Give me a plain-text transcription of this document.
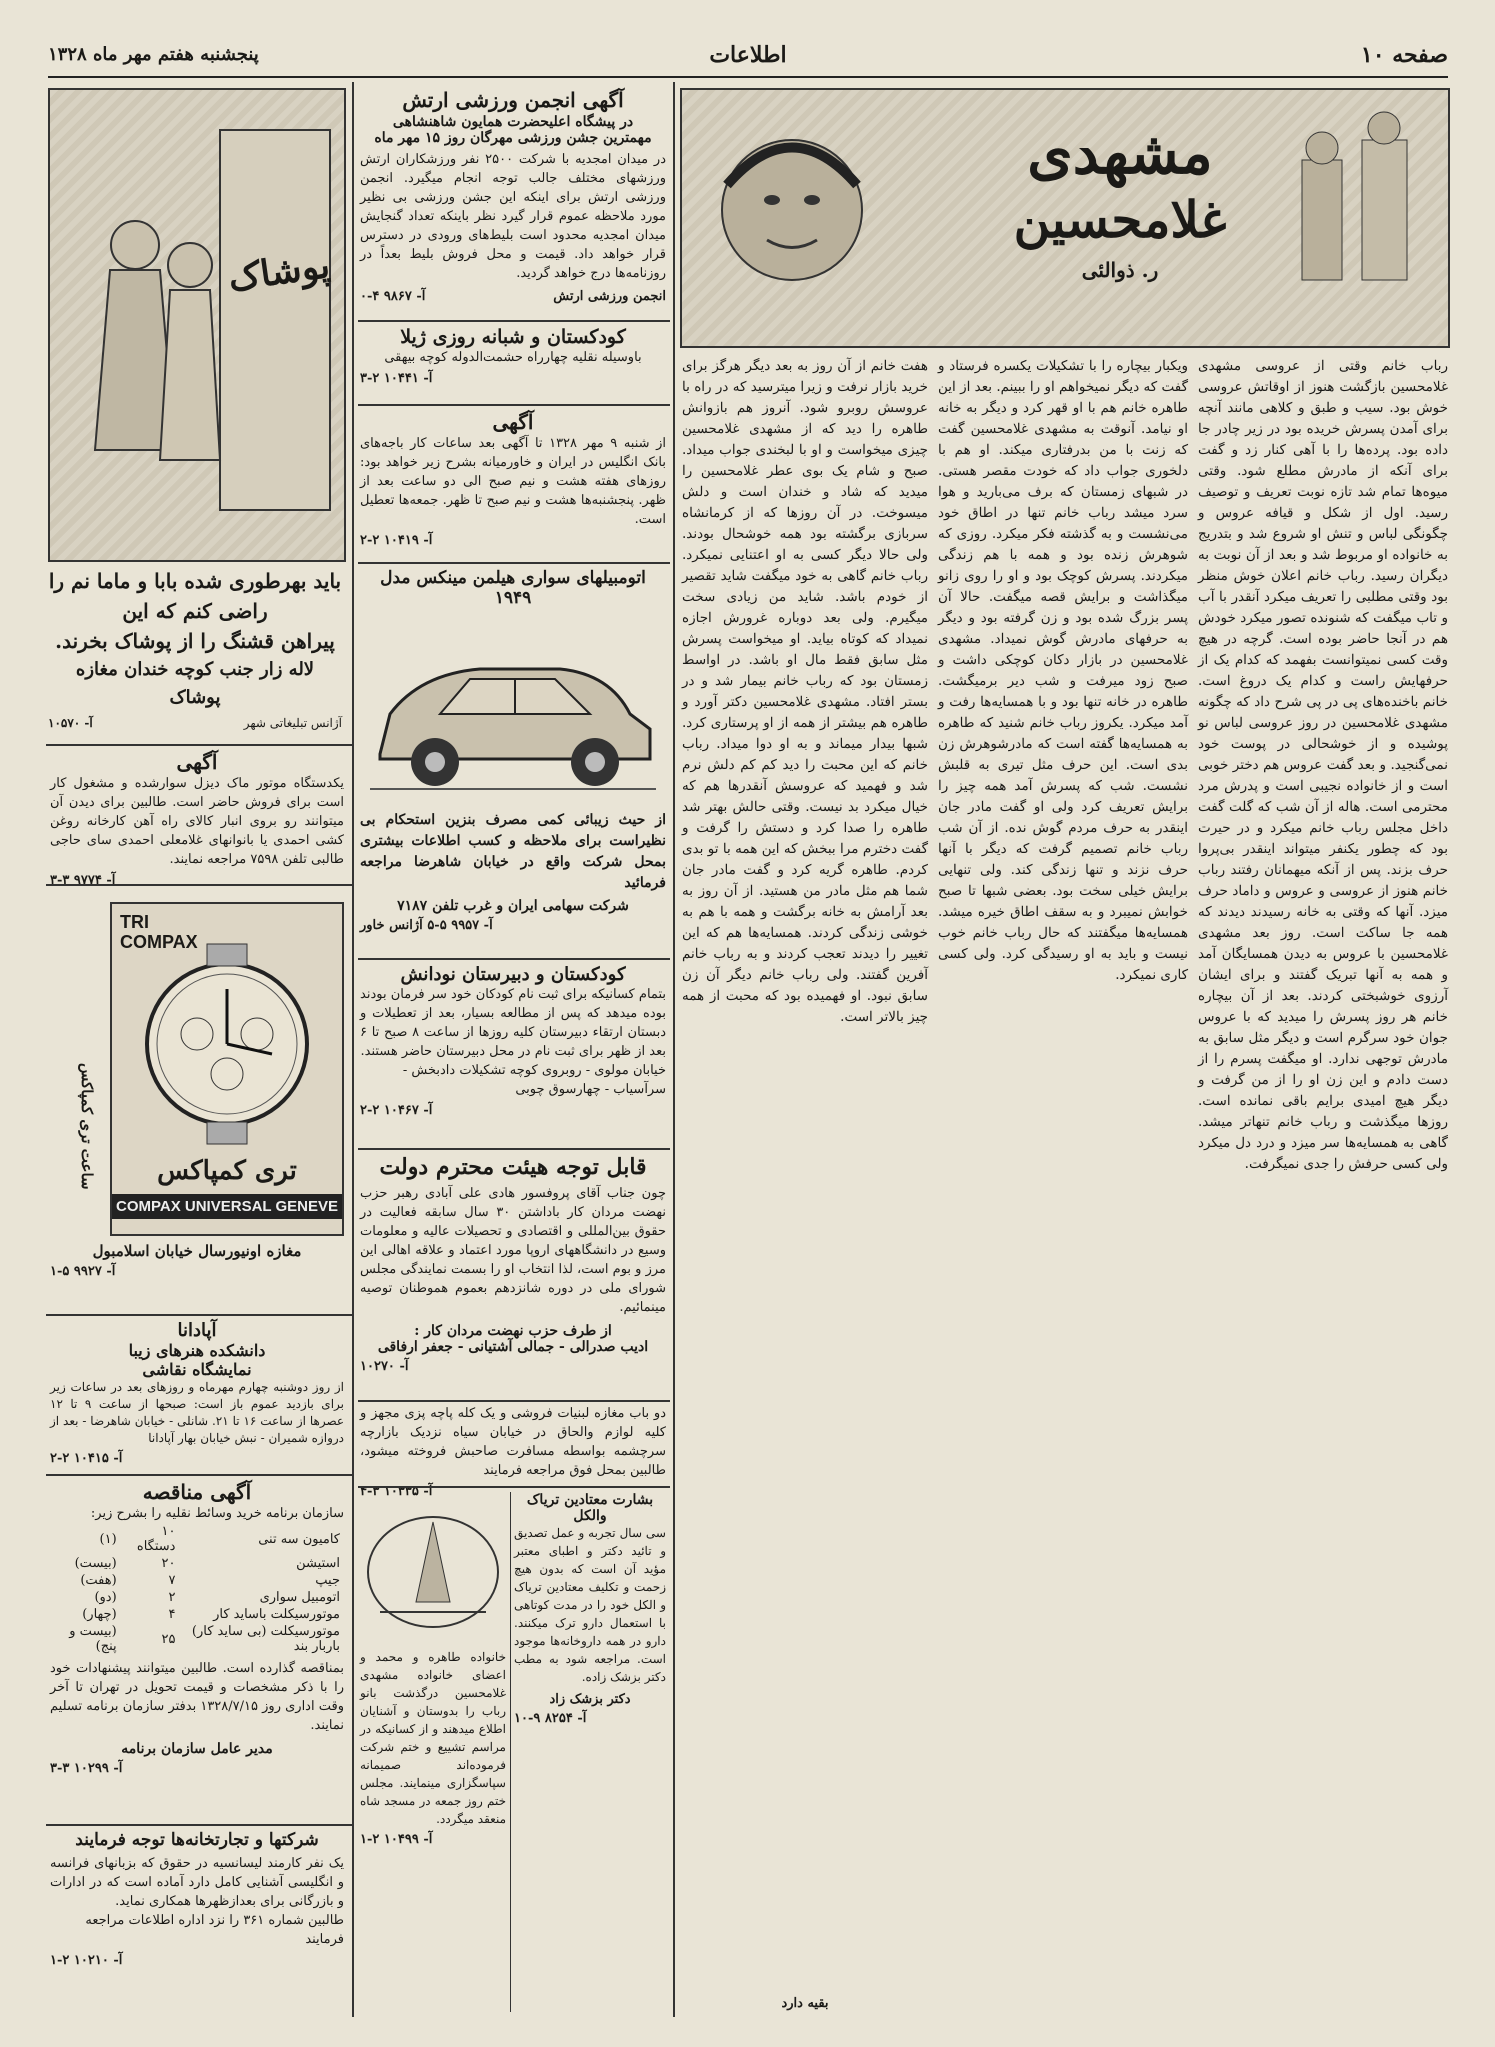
صفحه ۱۰
اطلاعات
پنجشنبه هفتم مهر ماه ۱۳۲۸
مشهدی
غلامحسین
ر. ذوالئی
رباب خانم وقتی از عروسی مشهدی غلامحسین بازگشت هنوز از اوقاتش عروسی خوش بود. سیب و طبق و کلاهی مانند آنچه برای آمدن پسرش خریده بود در زیر چادر جا داده بود. پرده‌ها را با آهی کنار زد و گفت برای آنکه از مادرش مطلع شود. وقتی میوه‌ها تمام شد تازه نوبت تعریف و توصیف رسید. اول از شکل و قیافه عروس و چگونگی لباس و تنش او شروع شد و بتدریج به خانواده او مربوط شد و بعد از آن نوبت به دیگران رسید. رباب خانم اعلان خوش منظر بود وقتی مطلبی را تعریف میکرد آنقدر با آب و تاب میگفت که شنونده تصور میکرد خودش هم در آنجا حاضر بوده است. گرچه در هیچ وقت کسی نمیتوانست بفهمد که کدام یک از حرفهایش راست و کدام یک دروغ است. خانم باخنده‌های پی در پی شرح داد که چگونه مشهدی غلامحسین در روز عروسی لباس نو پوشیده و از خوشحالی در پوست خود نمی‌گنجید. و بعد گفت عروس هم دختر خوبی است و از خانواده نجیبی است و پدرش مرد محترمی است. هاله از آن شب که گلت گفت داخل مجلس رباب خانم میکرد و در حیرت بود که چطور یکنفر میتواند اینقدر بی‌پروا حرف بزند. پس از آنکه میهمانان رفتند رباب خانم هنوز از عروسی و عروس و داماد حرف میزد. آنها که وقتی به خانه رسیدند دیدند که همه جا ساکت است. روز بعد مشهدی غلامحسین با عروس به دیدن همسایگان آمد و همه به آنها تبریک گفتند و برای ایشان آرزوی خوشبختی کردند. بعد از آن بیچاره خانم هر روز پسرش را میدید که با عروس جوان خود سرگرم است و دیگر مثل سابق به مادرش توجهی ندارد. او میگفت پسرم را از دست دادم و این زن او را از من گرفت و دیگر هیچ امیدی برایم باقی نمانده است. روزها میگذشت و رباب خانم تنهاتر میشد. گاهی به همسایه‌ها سر میزد و درد دل میکرد ولی کسی حرفش را جدی نمیگرفت.
ویکبار بیچاره را با تشکیلات یکسره فرستاد و گفت که دیگر نمیخواهم او را ببینم. بعد از این طاهره خانم هم با او قهر کرد و دیگر به خانه او نیامد. آنوقت به مشهدی غلامحسین گفت که زنت با من بدرفتاری میکند. او هم با دلخوری جواب داد که خودت مقصر هستی. در شبهای زمستان که برف می‌بارید و هوا سرد میشد رباب خانم تنها در اطاق خود می‌نشست و به گذشته فکر میکرد. روزی که شوهرش زنده بود و همه با هم زندگی میکردند. پسرش کوچک بود و او را روی زانو میگذاشت و برایش قصه میگفت. حالا آن پسر بزرگ شده بود و زن گرفته بود و دیگر به حرفهای مادرش گوش نمیداد. مشهدی غلامحسین در بازار دکان کوچکی داشت و صبح زود میرفت و شب دیر برمیگشت. طاهره در خانه تنها بود و با همسایه‌ها رفت و آمد میکرد. یکروز رباب خانم شنید که طاهره به همسایه‌ها گفته است که مادرشوهرش زن بدی است. این حرف مثل تیری به قلبش نشست. شب که پسرش آمد همه چیز را برایش تعریف کرد ولی او گفت مادر جان اینقدر به حرف مردم گوش نده. از آن شب رباب خانم تصمیم گرفت که دیگر با آنها حرف نزند و تنها زندگی کند. ولی تنهایی برایش خیلی سخت بود. بعضی شبها تا صبح خوابش نمیبرد و به سقف اطاق خیره میشد. همسایه‌ها میگفتند که حال رباب خانم خوب نیست و باید به او رسیدگی کرد. ولی کسی کاری نمیکرد.
هفت خانم از آن روز به بعد دیگر هرگز برای خرید بازار نرفت و زیرا میترسید که در راه با عروسش روبرو شود. آنروز هم بازوانش طاهره را دید که از مشهدی غلامحسین چیزی میخواست و او با لبخندی جواب میداد. صبح و شام یک بوی عطر غلامحسین را میدید که شاد و خندان است و دلش میسوخت. در آن روزها که از کرمانشاه سربازی برگشته بود همه خوشحال بودند. ولی حالا دیگر کسی به او اعتنایی نمیکرد. رباب خانم گاهی به خود میگفت شاید تقصیر از خودم باشد. شاید من زیادی سخت میگیرم. ولی بعد دوباره غرورش اجازه نمیداد که کوتاه بیاید. او میخواست پسرش مثل سابق فقط مال او باشد. در اواسط زمستان بود که رباب خانم بیمار شد و در بستر افتاد. مشهدی غلامحسین دکتر آورد و طاهره هم بیشتر از همه از او پرستاری کرد. شبها بیدار میماند و به او دوا میداد. رباب خانم که این محبت را دید کم کم دلش نرم شد و فهمید که عروسش آنقدرها هم که خیال میکرد بد نیست. وقتی حالش بهتر شد طاهره را صدا کرد و دستش را گرفت و گفت دخترم مرا ببخش که این همه با تو بدی کردم. طاهره گریه کرد و گفت مادر جان شما هم مثل مادر من هستید. از آن روز به بعد آرامش به خانه برگشت و همه با هم به خوشی زندگی کردند. همسایه‌ها هم که این تغییر را دیدند تعجب کردند و به رباب خانم آفرین گفتند. ولی رباب خانم دیگر آن زن سابق نبود. او فهمیده بود که محبت از همه چیز بالاتر است.
بقیه دارد
آگهی انجمن ورزشی ارتش
در پیشگاه اعلیحضرت همایون شاهنشاهی
مهمترین جشن ورزشی مهرگان روز ۱۵ مهر ماه
در میدان امجدیه با شرکت ۲۵۰۰ نفر ورزشکاران ارتش ورزشهای مختلف جالب توجه انجام میگیرد. انجمن ورزشی ارتش برای اینکه این جشن ورزشی بی نظیر مورد ملاحظه عموم قرار گیرد نظر باینکه تعداد گنجایش میدان امجدیه محدود است بلیط‌های ورودی در دسترس قرار خواهد داد. قیمت و محل فروش بلیط بعداً در روزنامه‌ها درج خواهد گردید.
انجمن ورزشی ارتش
آ- ۹۸۶۷ ۴-۰
کودکستان و شبانه روزی ژیلا
باوسیله نقلیه چهارراه حشمت‌الدوله کوچه بیهقی
آ- ۱۰۴۴۱ ۲-۳
آگهی
از شنبه ۹ مهر ۱۳۲۸ تا آگهی بعد ساعات کار باجه‌های بانک انگلیس در ایران و خاورمیانه بشرح زیر خواهد بود: روزهای هفته هشت و نیم صبح الی دو ساعت بعد از ظهر. پنجشنبه‌ها هشت و نیم صبح تا ظهر. جمعه‌ها تعطیل است.
آ- ۱۰۴۱۹ ۲-۲
اتومبیلهای سواری هیلمن مینکس مدل ۱۹۴۹
از حیث زیبائی کمی مصرف بنزین استحکام بی نظیراست برای ملاحظه و کسب اطلاعات بیشتری بمحل شرکت واقع در خیابان شاهرضا مراجعه فرمائید
شرکت سهامی ایران و غرب تلفن ۷۱۸۷
آ- ۹۹۵۷ ۵-۵ آژانس خاور
کودکستان و دبیرستان نودانش
بتمام کسانیکه برای ثبت نام کودکان خود سر فرمان بودند بوده میدهد که پس از مطالعه بسیار، بعد از تعطیلات و دبستان ارتقاء دبیرستان کلیه روزها از ساعت ۸ صبح تا ۶ بعد از ظهر برای ثبت نام در محل دبیرستان حاضر هستند.
خیابان مولوی - روبروی کوچه تشکیلات دادبخش - سرآسیاب - چهارسوق چوبی
آ- ۱۰۴۶۷ ۲-۲
قابل توجه هیئت محترم دولت
چون جناب آقای پروفسور هادی علی آبادی رهبر حزب نهضت مردان کار باداشتن ۳۰ سال سابقه فعالیت در حقوق بین‌المللی و اقتصادی و تحصیلات عالیه و معلومات وسیع در دانشگاههای اروپا مورد اعتماد و علاقه اهالی این مرز و بوم است، لذا انتخاب او را بسمت نمایندگی مجلس شورای ملی در دوره شانزدهم بعموم هموطنان توصیه مینمائیم.
از طرف حزب نهضت مردان کار :
ادیب صدرالی - جمالی آشتیانی - جعفر ارفاقی
آ- ۱۰۲۷۰
دو باب مغازه لبنیات فروشی و یک کله پاچه پزی مجهز و کلیه لوازم والحاق در خیابان سیاه نزدیک بازارچه سرچشمه بواسطه مسافرت صاحبش فروخته میشود، طالبین بمحل فوق مراجعه فرمایند
آ- ۱۰۳۳۵ ۳-۴
بشارت معتادین تریاک والکل
سی سال تجربه و عمل تصدیق و تائید دکتر و اطبای معتبر مؤید آن است که بدون هیچ زحمت و تکلیف معتادین تریاک و الکل خود را در مدت کوتاهی با استعمال دارو ترک میکنند. دارو در همه داروخانه‌ها موجود است. مراجعه شود به مطب دکتر بزشک زاده.
دکتر بزشک زاد
آ- ۸۲۵۴ ۹-۱۰
خانواده طاهره و محمد و اعضای خانواده مشهدی غلامحسین درگذشت بانو رباب را بدوستان و آشنایان اطلاع میدهند و از کسانیکه در مراسم تشییع و ختم شرکت فرموده‌اند صمیمانه سپاسگزاری مینمایند. مجلس ختم روز جمعه در مسجد شاه منعقد میگردد.
آ- ۱۰۴۹۹ ۲-۱
پوشاک
باید بهرطوری شده بابا و ماما نم را راضی کنم که این
پیراهن قشنگ را از پوشاک بخرند.
لاله زار جنب کوچه خندان مغازه پوشاک
آژانس تبلیغاتی شهر
آ- ۱۰۵۷۰
آگهی
یکدستگاه موتور ماک دیزل سوارشده و مشغول کار است برای فروش حاضر است. طالبین برای دیدن آن میتوانند رو بروی انبار کالای راه آهن کارخانه روغن کشی احمدی یا بانوانهای غلامعلی احمدی سای حاجی طالبی تلفن ۷۵۹۸ مراجعه نمایند.
آ- ۹۷۷۴ ۳-۳
TRI COMPAX
تری کمپاکس
COMPAX UNIVERSAL GENEVE
ساعت تری کمپاکس
مغازه اونیورسال خیابان اسلامبول
آ- ۹۹۲۷ ۵-۱
آپادانا
دانشکده هنرهای زیبا
نمایشگاه نقاشی
از روز دوشنبه چهارم مهرماه و روزهای بعد در ساعات زیر برای بازدید عموم باز است: صبحها از ساعت ۹ تا ۱۲ عصرها از ساعت ۱۶ تا ۲۱. شانلی - خیابان شاهرضا - بعد از دروازه شمیران - نبش خیابان بهار آپادانا
آ- ۱۰۴۱۵ ۲-۲
آگهی مناقصه
سازمان برنامه خرید وسائط نقلیه را بشرح زیر:
کامیون سه تنی	۱۰ دستگاه	(۱)
استیشن	۲۰	(بیست)
جیپ	۷	(هفت)
اتومبیل سواری	۲	(دو)
موتورسیکلت باساید کار	۴	(چهار)
موتورسیکلت (بی ساید کار) باربار بند	۲۵	(بیست و پنج)
بمناقصه گذارده است. طالبین میتوانند پیشنهادات خود را با ذکر مشخصات و قیمت تحویل در تهران تا آخر وقت اداری روز ۱۳۲۸/۷/۱۵ بدفتر سازمان برنامه تسلیم نمایند.
مدیر عامل سازمان برنامه
آ- ۱۰۲۹۹ ۳-۳
شرکتها و تجارتخانه‌ها توجه فرمایند
یک نفر کارمند لیسانسیه در حقوق که بزبانهای فرانسه و انگلیسی آشنایی کامل دارد آماده است که در ادارات و بازرگانی برای بعدازظهرها همکاری نماید.
طالبین شماره ۳۶۱ را نزد اداره اطلاعات مراجعه فرمایند
آ- ۱۰۲۱۰ ۲-۱
